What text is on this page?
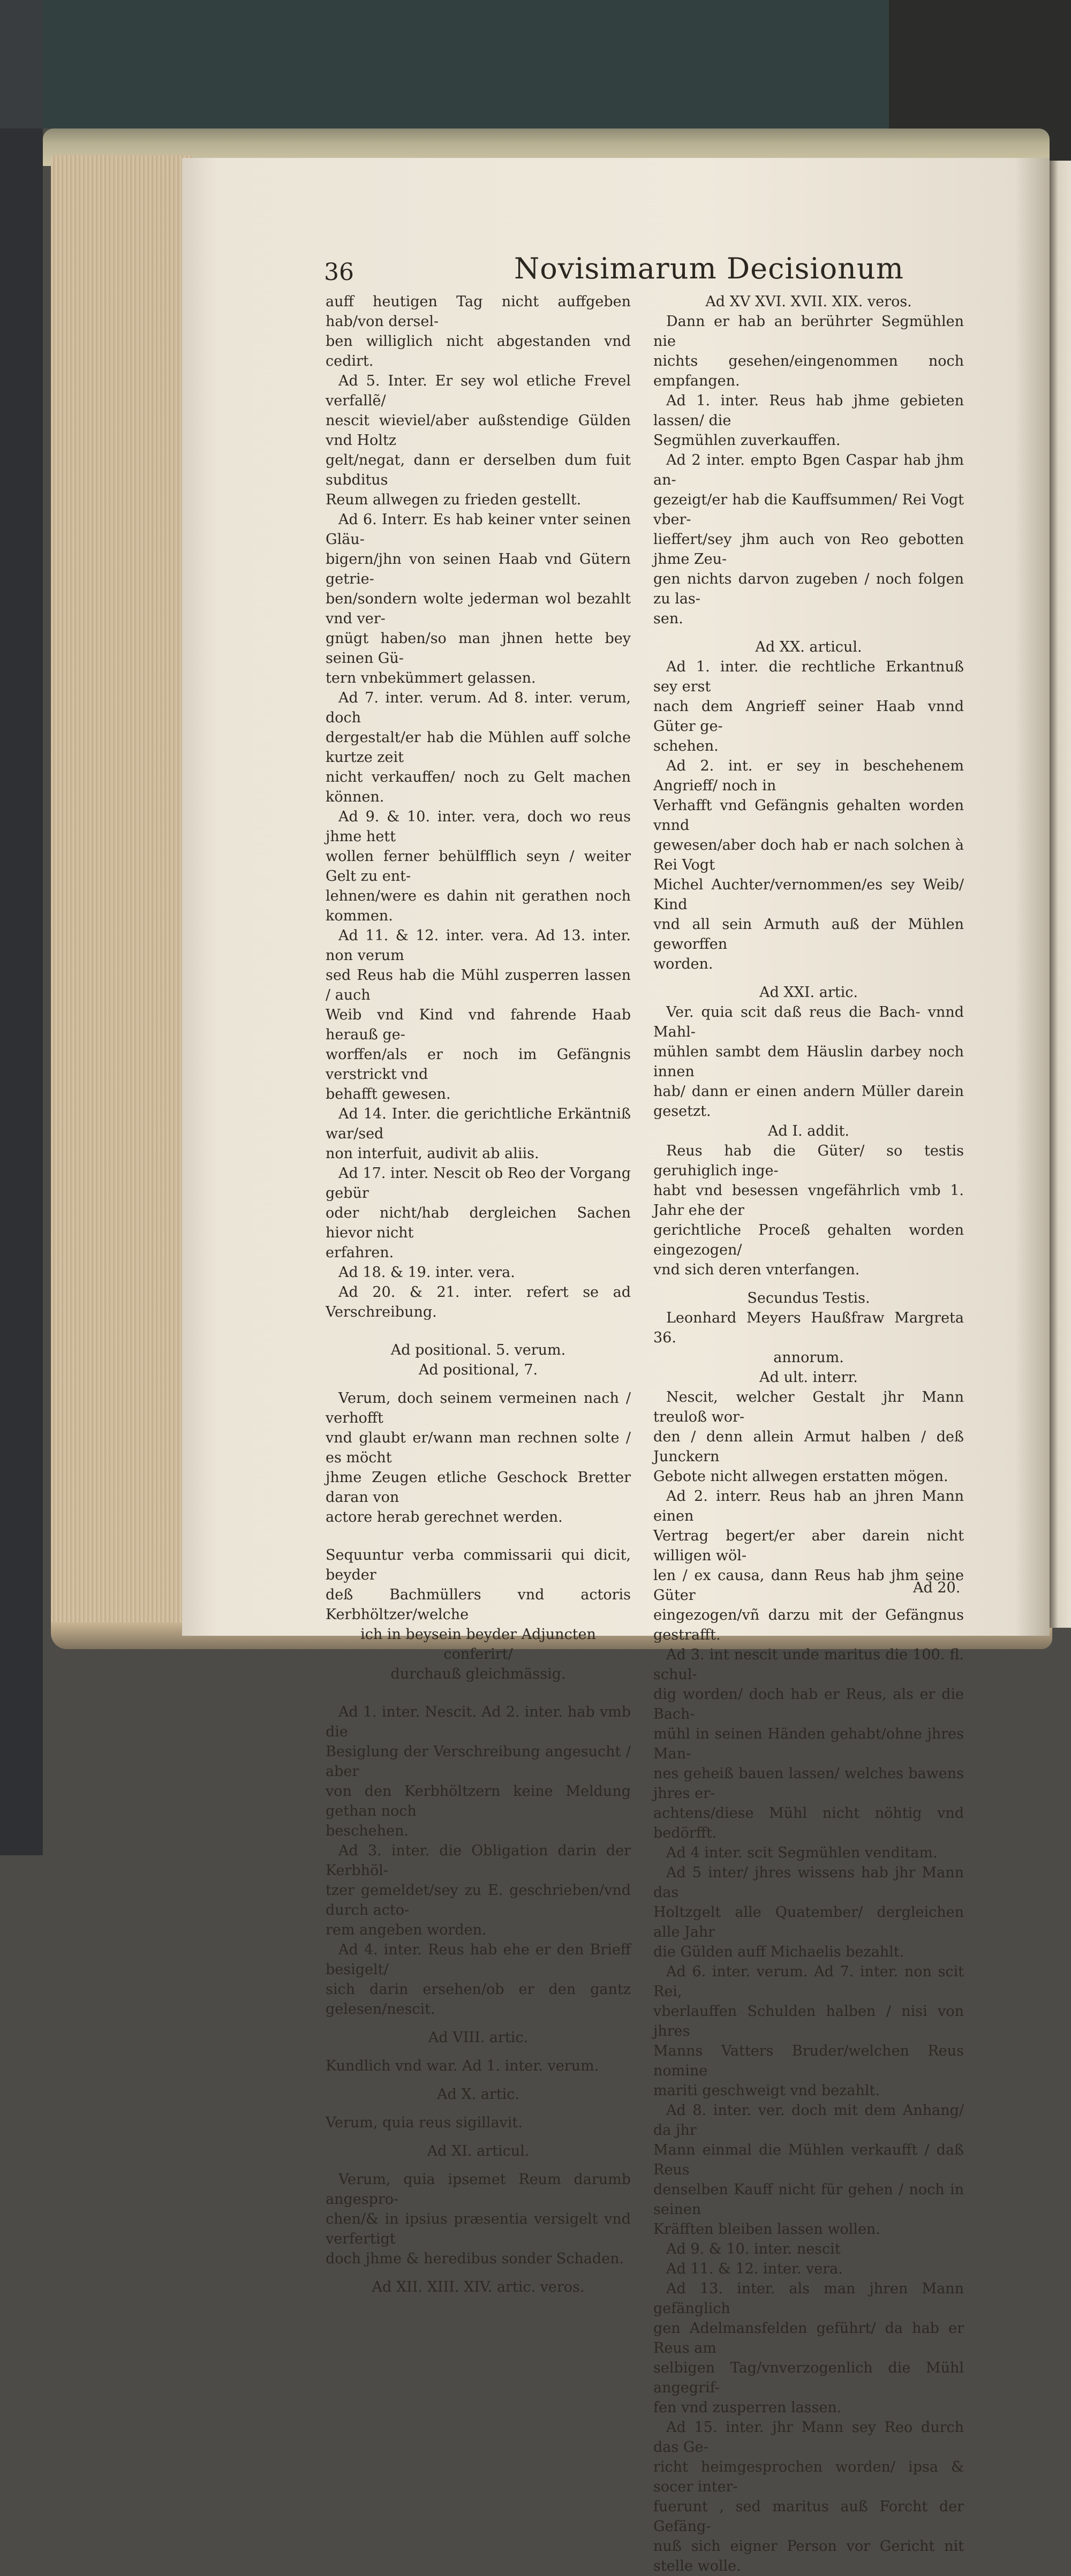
36	Novisimarum Decisionum

auff heutigen Tag nicht auffgeben hab/von dersel-

ben williglich nicht abgestanden vnd cedirt.

Ad 5. Inter. Er sey wol etliche Frevel verfallẽ/

nescit wieviel/aber außstendige Gülden vnd Holtz

gelt/negat, dann er derselben dum fuit subditus

Reum allwegen zu frieden gestellt.

Ad 6. Interr. Es hab keiner vnter seinen Gläu-

bigern/jhn von seinen Haab vnd Gütern getrie-

ben/sondern wolte jederman wol bezahlt vnd ver-

gnügt haben/so man jhnen hette bey seinen Gü-

tern vnbekümmert gelassen.

Ad 7. inter. verum. Ad 8. inter. verum, doch

dergestalt/er hab die Mühlen auff solche kurtze zeit

nicht verkauffen/ noch zu Gelt machen können.

Ad 9. & 10. inter. vera, doch wo reus jhme hett

wollen ferner behülfflich seyn / weiter Gelt zu ent-

lehnen/were es dahin nit gerathen noch kommen.

Ad 11. & 12. inter. vera. Ad 13. inter. non verum

sed Reus hab die Mühl zusperren lassen / auch

Weib vnd Kind vnd fahrende Haab herauß ge-

worffen/als er noch im Gefängnis verstrickt vnd

behafft gewesen.

Ad 14. Inter. die gerichtliche Erkäntniß war/sed

non interfuit, audivit ab aliis.

Ad 17. inter. Nescit ob Reo der Vorgang gebür

oder nicht/hab dergleichen Sachen hievor nicht

erfahren.

Ad 18. & 19. inter. vera.

Ad 20. & 21. inter. refert se ad Verschreibung.

Ad positional. 5. verum.

Ad positional, 7.

Verum, doch seinem vermeinen nach / verhofft

vnd glaubt er/wann man rechnen solte / es möcht

jhme Zeugen etliche Geschock Bretter daran von

actore herab gerechnet werden.

Sequuntur verba commissarii qui dicit, beyder

deß Bachmüllers vnd actoris Kerbhöltzer/welche

ich in beysein beyder Adjuncten conferirt/

durchauß gleichmässig.

Ad 1. inter. Nescit. Ad 2. inter. hab vmb die

Besiglung der Verschreibung angesucht / aber

von den Kerbhöltzern keine Meldung gethan noch

beschehen.

Ad 3. inter. die Obligation darin der Kerbhöl-

tzer gemeldet/sey zu E. geschrieben/vnd durch acto-

rem angeben worden.

Ad 4. inter. Reus hab ehe er den Brieff besigelt/

sich darin ersehen/ob er den gantz gelesen/nescit.

Ad VIII. artic.

Kundlich vnd war. Ad 1. inter. verum.

Ad X. artic.

Verum, quia reus sigillavit.

Ad XI. articul.

Verum, quia ipsemet Reum darumb angespro-

chen/& in ipsius præsentia versigelt vnd verfertigt

doch jhme & heredibus sonder Schaden.

Ad XII. XIII. XIV. artic. veros.

Ad XV XVI. XVII. XIX. veros.

Dann er hab an berührter Segmühlen nie

nichts gesehen/eingenommen noch empfangen.

Ad 1. inter. Reus hab jhme gebieten lassen/ die

Segmühlen zuverkauffen.

Ad 2 inter. empto Bgen Caspar hab jhm an-

gezeigt/er hab die Kauffsummen/ Rei Vogt vber-

lieffert/sey jhm auch von Reo gebotten jhme Zeu-

gen nichts darvon zugeben / noch folgen zu las-

sen.

Ad XX. articul.

Ad 1. inter. die rechtliche Erkantnuß sey erst

nach dem Angrieff seiner Haab vnnd Güter ge-

schehen.

Ad 2. int. er sey in beschehenem Angrieff/ noch in

Verhafft vnd Gefängnis gehalten worden vnnd

gewesen/aber doch hab er nach solchen à Rei Vogt

Michel Auchter/vernommen/es sey Weib/ Kind

vnd all sein Armuth auß der Mühlen geworffen

worden.

Ad XXI. artic.

Ver. quia scit daß reus die Bach- vnnd Mahl-

mühlen sambt dem Häuslin darbey noch innen

hab/ dann er einen andern Müller darein gesetzt.

Ad I. addit.

Reus hab die Güter/ so testis geruhiglich inge-

habt vnd besessen vngefährlich vmb 1. Jahr ehe der

gerichtliche Proceß gehalten worden eingezogen/

vnd sich deren vnterfangen.

Secundus Testis.

Leonhard Meyers Haußfraw Margreta 36.

annorum.

Ad ult. interr.

Nescit, welcher Gestalt jhr Mann treuloß wor-

den / denn allein Armut halben / deß Junckern

Gebote nicht allwegen erstatten mögen.

Ad 2. interr. Reus hab an jhren Mann einen

Vertrag begert/er aber darein nicht willigen wöl-

len / ex causa, dann Reus hab jhm seine Güter

eingezogen/vñ darzu mit der Gefängnus gestrafft.

Ad 3. int nescit unde maritus die 100. fl. schul-

dig worden/ doch hab er Reus, als er die Bach-

mühl in seinen Händen gehabt/ohne jhres Man-

nes geheiß bauen lassen/ welches bawens jhres er-

achtens/diese Mühl nicht nöhtig vnd bedörfft.

Ad 4 inter. scit Segmühlen venditam.

Ad 5 inter/ jhres wissens hab jhr Mann das

Holtzgelt alle Quatember/ dergleichen alle Jahr

die Gülden auff Michaelis bezahlt.

Ad 6. inter. verum. Ad 7. inter. non scit Rei,

vberlauffen Schulden halben / nisi von jhres

Manns Vatters Bruder/welchen Reus nomine

mariti geschweigt vnd bezahlt.

Ad 8. inter. ver. doch mit dem Anhang/ da jhr

Mann einmal die Mühlen verkaufft / daß Reus

denselben Kauff nicht für gehen / noch in seinen

Kräfften bleiben lassen wollen.

Ad 9. & 10. inter. nescit

Ad 11. & 12. inter. vera.

Ad 13. inter. als man jhren Mann gefänglich

gen Adelmansfelden geführt/ da hab er Reus am

selbigen Tag/vnverzogenlich die Mühl angegrif-

fen vnd zusperren lassen.

Ad 15. inter. jhr Mann sey Reo durch das Ge-

richt heimgesprochen worden/ ipsa & socer inter-

fuerunt , sed maritus auß Forcht der Gefäng-

nuß sich eigner Person vor Gericht nit stelle wolle.

Ad 20.
